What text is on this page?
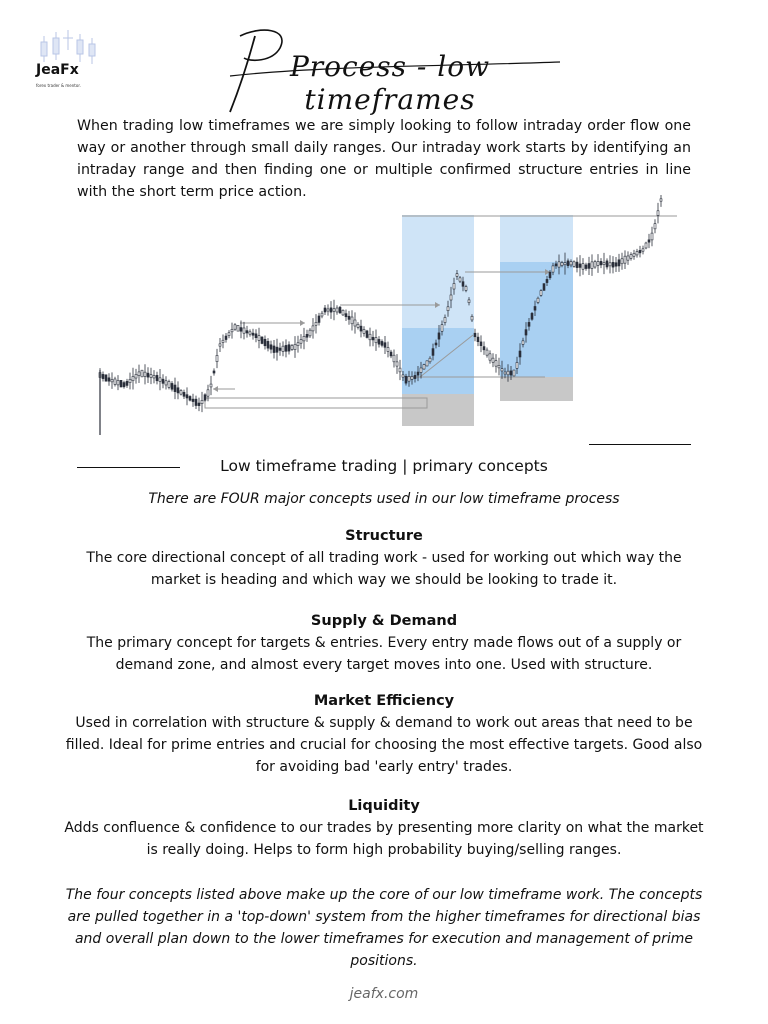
JeaFx
forex trader & mentor.
Process - low timeframes
When trading low timeframes we are simply looking to follow intraday order flow one way or another through small daily ranges. Our intraday work starts by identifying an intraday range and then finding one or multiple confirmed structure entries in line with the short term price action.
Low timeframe trading | primary concepts
There are FOUR major concepts used in our low timeframe process
Structure
The core directional concept of all trading work - used for working out which way the market is heading and which way we should be looking to trade it.
Supply & Demand
The primary concept for targets & entries. Every entry made flows out of a supply or demand zone, and almost every target moves into one. Used with structure.
Market Efficiency
Used in correlation with structure & supply & demand to work out areas that need to be filled. Ideal for prime entries and crucial for choosing the most effective targets. Good also for avoiding bad 'early entry' trades.
Liquidity
Adds confluence & confidence to our trades by presenting more clarity on what the market is really doing. Helps to form high probability buying/selling ranges.
The four concepts listed above make up the core of our low timeframe work. The concepts are pulled together in a 'top-down' system from the higher timeframes for directional bias and overall plan down to the lower timeframes for execution and management of prime positions.
jeafx.com
